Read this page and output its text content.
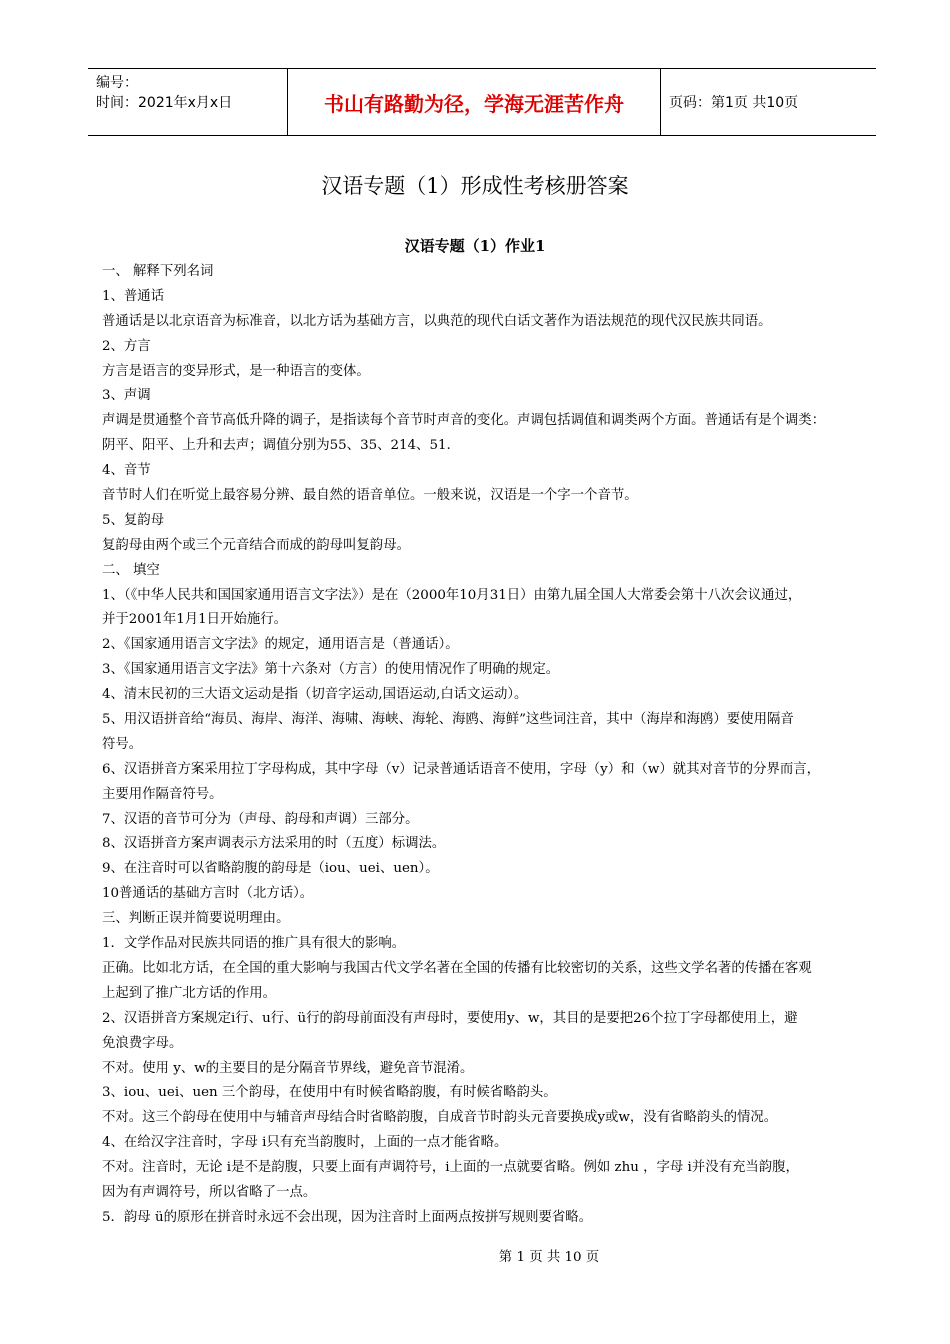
编号：
时间：2021年x月x日	书山有路勤为径，学海无涯苦作舟	页码：第1页 共10页
汉语专题（1）形成性考核册答案
汉语专题（1）作业1
一、 解释下列名词
1、普通话
普通话是以北京语音为标准音，以北方话为基础方言，以典范的现代白话文著作为语法规范的现代汉民族共同语。
2、方言
方言是语言的变异形式，是一种语言的变体。
3、声调
声调是贯通整个音节高低升降的调子，是指读每个音节时声音的变化。声调包括调值和调类两个方面。普通话有是个调类：
阴平、阳平、上升和去声；调值分别为55、35、214、51.
4、音节
音节时人们在听觉上最容易分辨、最自然的语音单位。一般来说，汉语是一个字一个音节。
5、复韵母
复韵母由两个或三个元音结合而成的韵母叫复韵母。
二、 填空
1、（《中华人民共和国国家通用语言文字法》）是在（2000年10月31日）由第九届全国人大常委会第十八次会议通过，
并于2001年1月1日开始施行。
2、《国家通用语言文字法》的规定，通用语言是（普通话）。
3、《国家通用语言文字法》第十六条对（方言）的使用情况作了明确的规定。
4、清末民初的三大语文运动是指（切音字运动,国语运动,白话文运动）。
5、用汉语拼音给“海员、海岸、海洋、海啸、海峡、海轮、海鸥、海鲜”这些词注音，其中（海岸和海鸥）要使用隔音
符号。
6、汉语拼音方案采用拉丁字母构成，其中字母（v）记录普通话语音不使用，字母（y）和（w）就其对音节的分界而言，
主要用作隔音符号。
7、汉语的音节可分为（声母、韵母和声调）三部分。
8、汉语拼音方案声调表示方法采用的时（五度）标调法。
9、在注音时可以省略韵腹的韵母是（iou、uei、uen）。
10普通话的基础方言时（北方话）。
三、判断正误并简要说明理由。
1．文学作品对民族共同语的推广具有很大的影响。
正确。比如北方话，在全国的重大影响与我国古代文学名著在全国的传播有比较密切的关系，这些文学名著的传播在客观
上起到了推广北方话的作用。
2、汉语拼音方案规定i行、u行、ü行的韵母前面没有声母时，要使用y、w，其目的是要把26个拉丁字母都使用上，避
免浪费字母。
不对。使用 y、w的主要目的是分隔音节界线，避免音节混淆。
3、iou、uei、uen 三个韵母，在使用中有时候省略韵腹，有时候省略韵头。
不对。这三个韵母在使用中与辅音声母结合时省略韵腹，自成音节时韵头元音要换成y或w，没有省略韵头的情况。
4、在给汉字注音时，字母 i只有充当韵腹时，上面的一点才能省略。
不对。注音时，无论 i是不是韵腹，只要上面有声调符号，i上面的一点就要省略。例如 zhu ，字母 i并没有充当韵腹，
因为有声调符号，所以省略了一点。
5．韵母 ü的原形在拼音时永远不会出现，因为注音时上面两点按拼写规则要省略。
第 1 页 共 10 页
